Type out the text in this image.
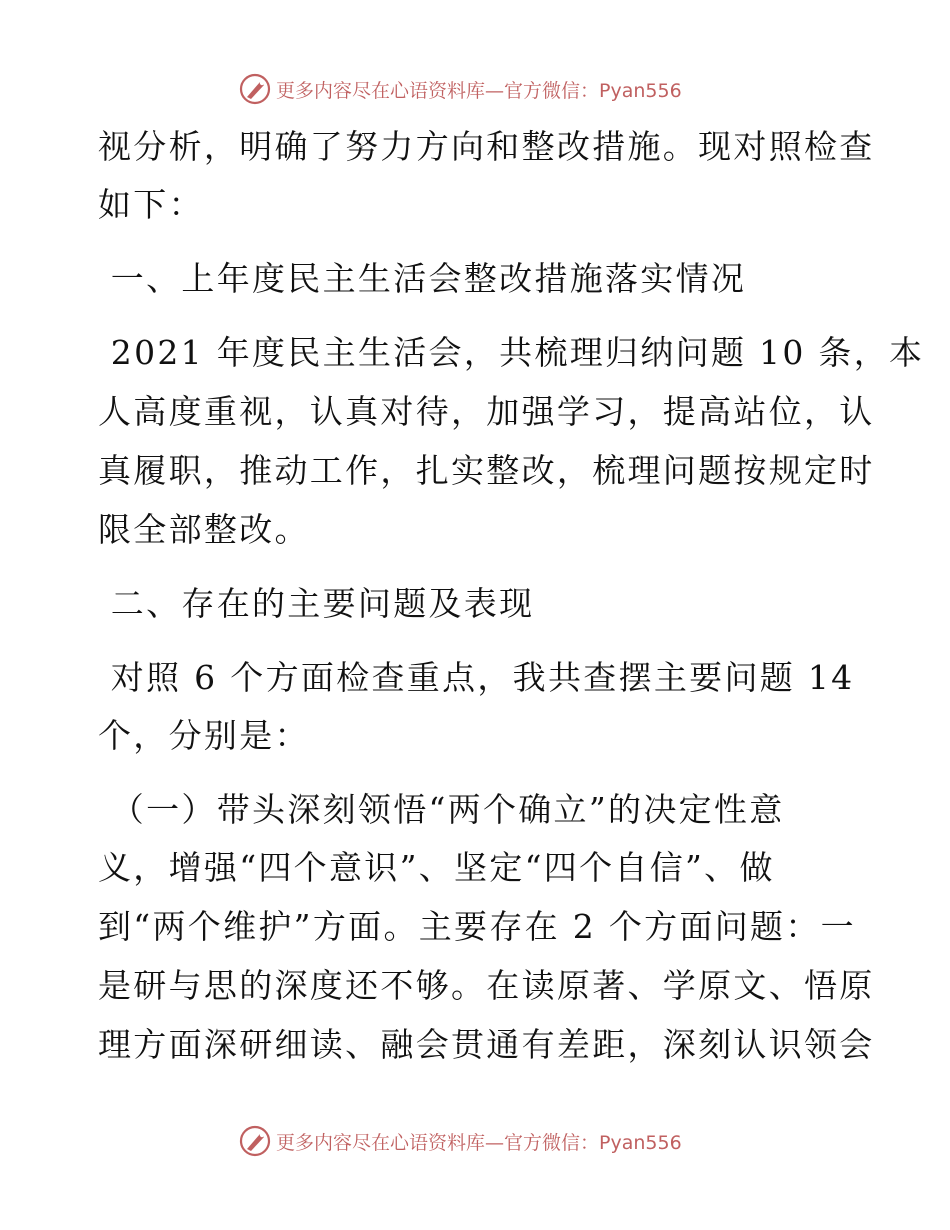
更多内容尽在心语资料库— 官方微信：Pyan556
视分析，明确了努力方向和整改措施。现对照检查
如下：
一、上年度民主生活会整改措施落实情况
2021 年度民主生活会，共梳理归纳问题 10 条，本
人高度重视，认真对待，加强学习，提高站位，认
真履职，推动工作，扎实整改，梳理问题按规定时
限全部整改。
二、存在的主要问题及表现
对照 6 个方面检查重点，我共查摆主要问题 14
个，分别是：
（一）带头深刻领悟“两个确立”的决定性意
义，增强“四个意识”、坚定“四个自信”、做
到“两个维护”方面。主要存在 2 个方面问题：一
是研与思的深度还不够。在读原著、学原文、悟原
理方面深研细读、融会贯通有差距，深刻认识领会
更多内容尽在心语资料库— 官方微信：Pyan556
